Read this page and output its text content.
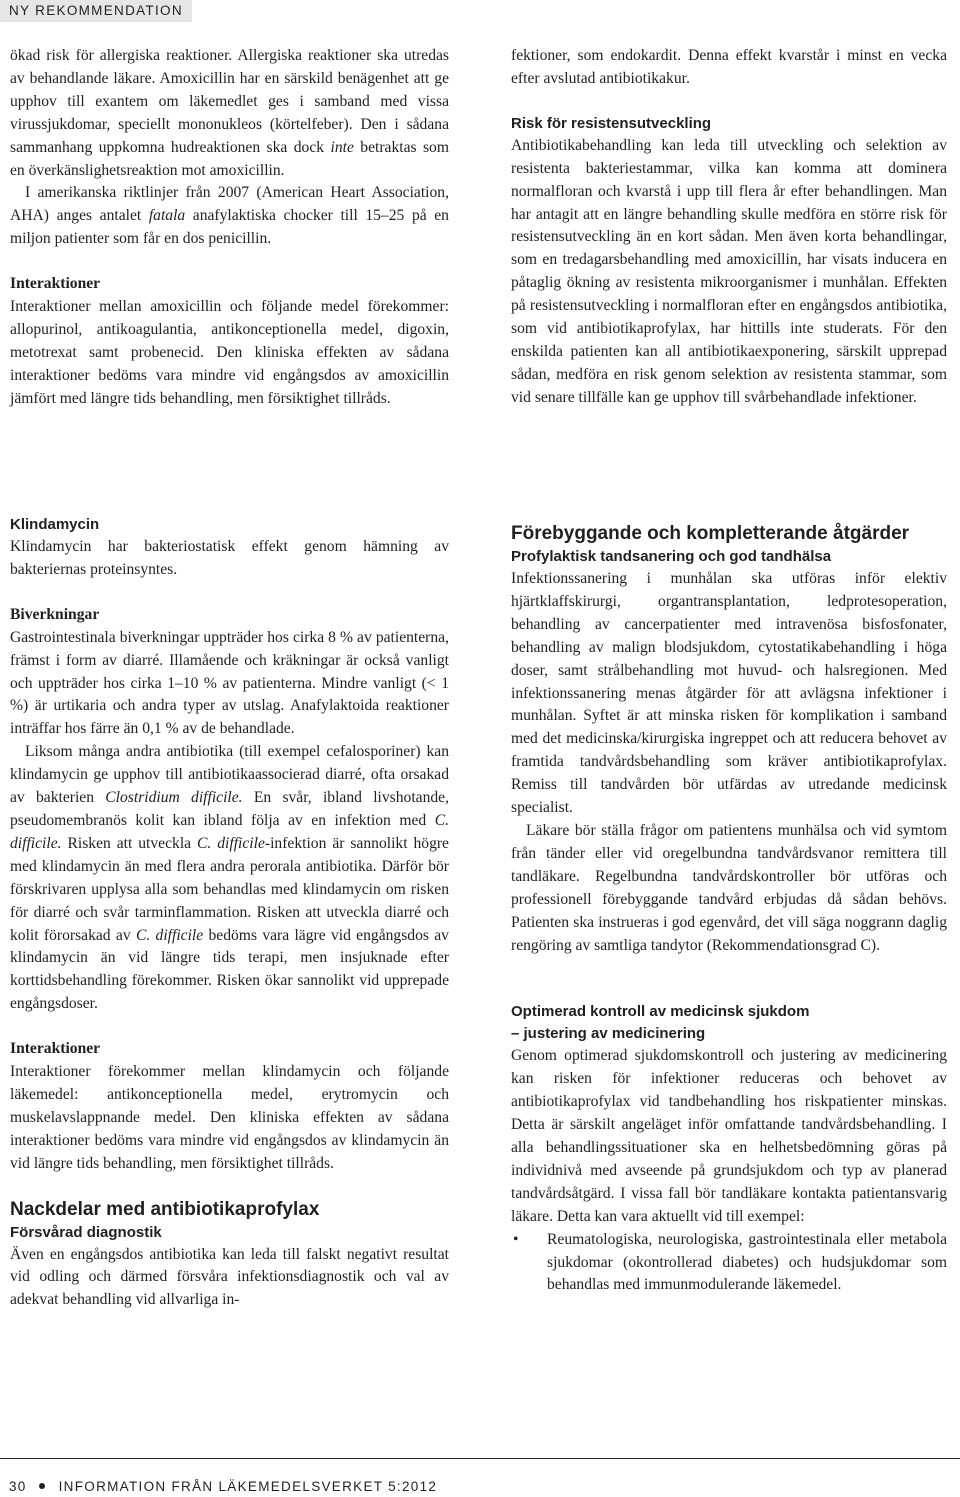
NY REKOMMENDATION

ökad risk för allergiska reaktioner. Allergiska reaktioner ska utredas av behandlande läkare. Amoxicillin har en särskild benägenhet att ge upphov till exantem om läkemedlet ges i samband med vissa virussjukdomar, speciellt mononukleos (körtelfeber). Den i sådana sammanhang uppkomna hudreaktionen ska dock inte betraktas som en överkänslighetsreaktion mot amoxicillin.

I amerikanska riktlinjer från 2007 (American Heart Association, AHA) anges antalet fatala anafylaktiska chocker till 15–25 på en miljon patienter som får en dos penicillin.

Interaktioner

Interaktioner mellan amoxicillin och följande medel förekommer: allopurinol, antikoagulantia, antikonceptionella medel, digoxin, metotrexat samt probenecid. Den kliniska effekten av sådana interaktioner bedöms vara mindre vid engångsdos av amoxicillin jämfört med längre tids behandling, men försiktighet tillråds.

fektioner, som endokardit. Denna effekt kvarstår i minst en vecka efter avslutad antibiotikakur.

Risk för resistensutveckling

Antibiotikabehandling kan leda till utveckling och selektion av resistenta bakteriestammar, vilka kan komma att dominera normalfloran och kvarstå i upp till flera år efter behandlingen. Man har antagit att en längre behandling skulle medföra en större risk för resistensutveckling än en kort sådan. Men även korta behandlingar, som en tredagarsbehandling med amoxicillin, har visats inducera en påtaglig ökning av resistenta mikroorganismer i munhålan. Effekten på resistensutveckling i normalfloran efter en engångsdos antibiotika, som vid antibiotikaprofylax, har hittills inte studerats. För den enskilda patienten kan all antibiotikaexponering, särskilt upprepad sådan, medföra en risk genom selektion av resistenta stammar, som vid senare tillfälle kan ge upphov till svårbehandlade infektioner.

Klindamycin

Klindamycin har bakteriostatisk effekt genom hämning av bakteriernas proteinsyntes.

Biverkningar

Gastrointestinala biverkningar uppträder hos cirka 8 % av patienterna, främst i form av diarré. Illamående och kräkningar är också vanligt och uppträder hos cirka 1–10 % av patienterna. Mindre vanligt (< 1 %) är urtikaria och andra typer av utslag. Anafylaktoida reaktioner inträffar hos färre än 0,1 % av de behandlade.

Liksom många andra antibiotika (till exempel cefalosporiner) kan klindamycin ge upphov till antibiotikaassocierad diarré, ofta orsakad av bakterien Clostridium difficile. En svår, ibland livshotande, pseudomembranös kolit kan ibland följa av en infektion med C. difficile. Risken att utveckla C. difficile-infektion är sannolikt högre med klindamycin än med flera andra perorala antibiotika. Därför bör förskrivaren upplysa alla som behandlas med klindamycin om risken för diarré och svår tarminflammation. Risken att utveckla diarré och kolit förorsakad av C. difficile bedöms vara lägre vid engångsdos av klindamycin än vid längre tids terapi, men insjuknade efter korttidsbehandling förekommer. Risken ökar sannolikt vid upprepade engångsdoser.

Interaktioner

Interaktioner förekommer mellan klindamycin och följande läkemedel: antikonceptionella medel, erytromycin och muskelavslappnande medel. Den kliniska effekten av sådana interaktioner bedöms vara mindre vid engångsdos av klindamycin än vid längre tids behandling, men försiktighet tillråds.

Nackdelar med antibiotikaprofylax
Försvårad diagnostik

Även en engångsdos antibiotika kan leda till falskt negativt resultat vid odling och därmed försvåra infektionsdiagnostik och val av adekvat behandling vid allvarliga in-

Förebyggande och kompletterande åtgärder
Profylaktisk tandsanering och god tandhälsa

Infektionssanering i munhålan ska utföras inför elektiv hjärtklaffskirurgi, organtransplantation, ledprotesoperation, behandling av cancerpatienter med intravenösa bisfosfonater, behandling av malign blodsjukdom, cytostatikabehandling i höga doser, samt strålbehandling mot huvud- och halsregionen. Med infektionssanering menas åtgärder för att avlägsna infektioner i munhålan. Syftet är att minska risken för komplikation i samband med det medicinska/kirurgiska ingreppet och att reducera behovet av framtida tandvårdsbehandling som kräver antibiotikaprofylax. Remiss till tandvården bör utfärdas av utredande medicinsk specialist.

Läkare bör ställa frågor om patientens munhälsa och vid symtom från tänder eller vid oregelbundna tandvårdsvanor remittera till tandläkare. Regelbundna tandvårdskontroller bör utföras och professionell förebyggande tandvård erbjudas då sådan behövs. Patienten ska instrueras i god egenvård, det vill säga noggrann daglig rengöring av samtliga tandytor (Rekommendationsgrad C).

Optimerad kontroll av medicinsk sjukdom
– justering av medicinering

Genom optimerad sjukdomskontroll och justering av medicinering kan risken för infektioner reduceras och behovet av antibiotikaprofylax vid tandbehandling hos riskpatienter minskas. Detta är särskilt angeläget inför omfattande tandvårdsbehandling. I alla behandlingssituationer ska en helhetsbedömning göras på individnivå med avseende på grundsjukdom och typ av planerad tandvårdsåtgärd. I vissa fall bör tandläkare kontakta patientansvarig läkare. Detta kan vara aktuellt vid till exempel:

•	Reumatologiska, neurologiska, gastrointestinala eller metabola sjukdomar (okontrollerad diabetes) och hudsjukdomar som behandlas med immunmodulerande läkemedel.
30 INFORMATION FRÅN LÄKEMEDELSVERKET 5:2012
